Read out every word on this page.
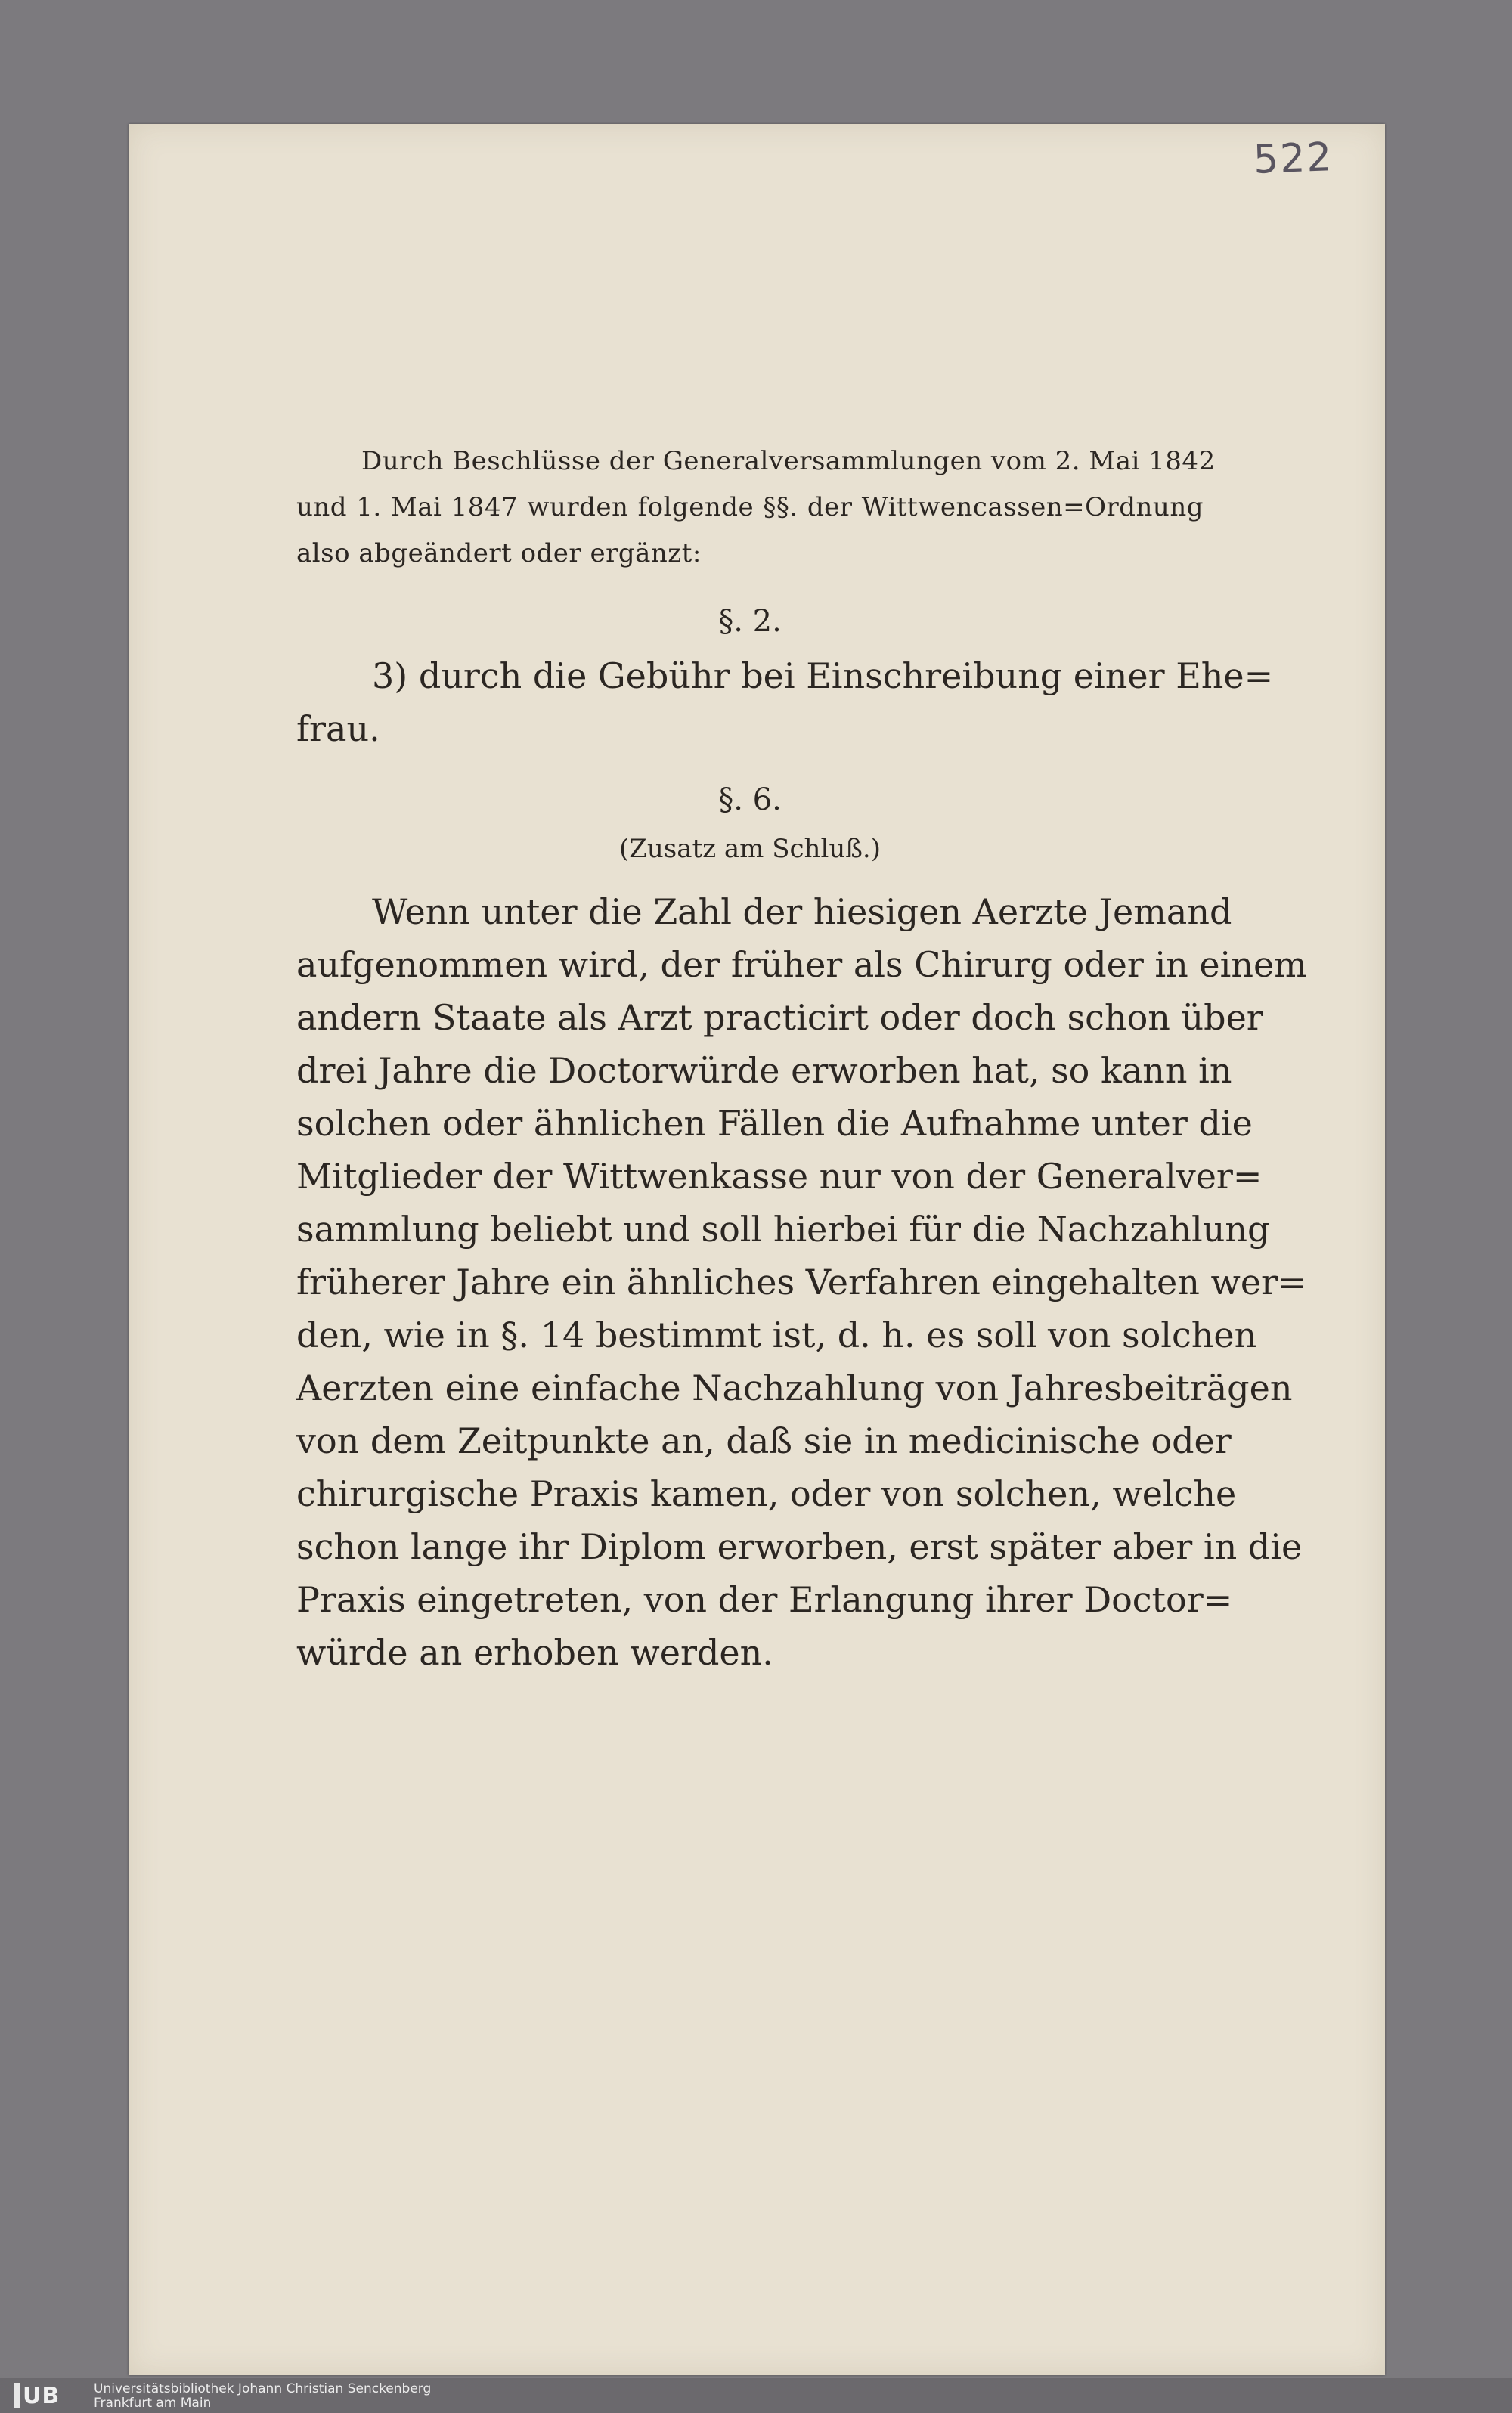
522
Durch Beschlüsse der Generalversammlungen vom 2. Mai 1842
und 1. Mai 1847 wurden folgende §§. der Wittwencassen=Ordnung
also abgeändert oder ergänzt:
§. 2.
3) durch die Gebühr bei Einschreibung einer Ehe=
frau.
§. 6.
(Zusatz am Schluß.)
Wenn unter die Zahl der hiesigen Aerzte Jemand
aufgenommen wird, der früher als Chirurg oder in einem
andern Staate als Arzt practicirt oder doch schon über
drei Jahre die Doctorwürde erworben hat, so kann in
solchen oder ähnlichen Fällen die Aufnahme unter die
Mitglieder der Wittwenkasse nur von der Generalver=
sammlung beliebt und soll hierbei für die Nachzahlung
früherer Jahre ein ähnliches Verfahren eingehalten wer=
den, wie in §. 14 bestimmt ist, d. h. es soll von solchen
Aerzten eine einfache Nachzahlung von Jahresbeiträgen
von dem Zeitpunkte an, daß sie in medicinische oder
chirurgische Praxis kamen, oder von solchen, welche
schon lange ihr Diplom erworben, erst später aber in die
Praxis eingetreten, von der Erlangung ihrer Doctor=
würde an erhoben werden.
UB	Universitätsbibliothek Johann Christian Senckenberg
Frankfurt am Main
